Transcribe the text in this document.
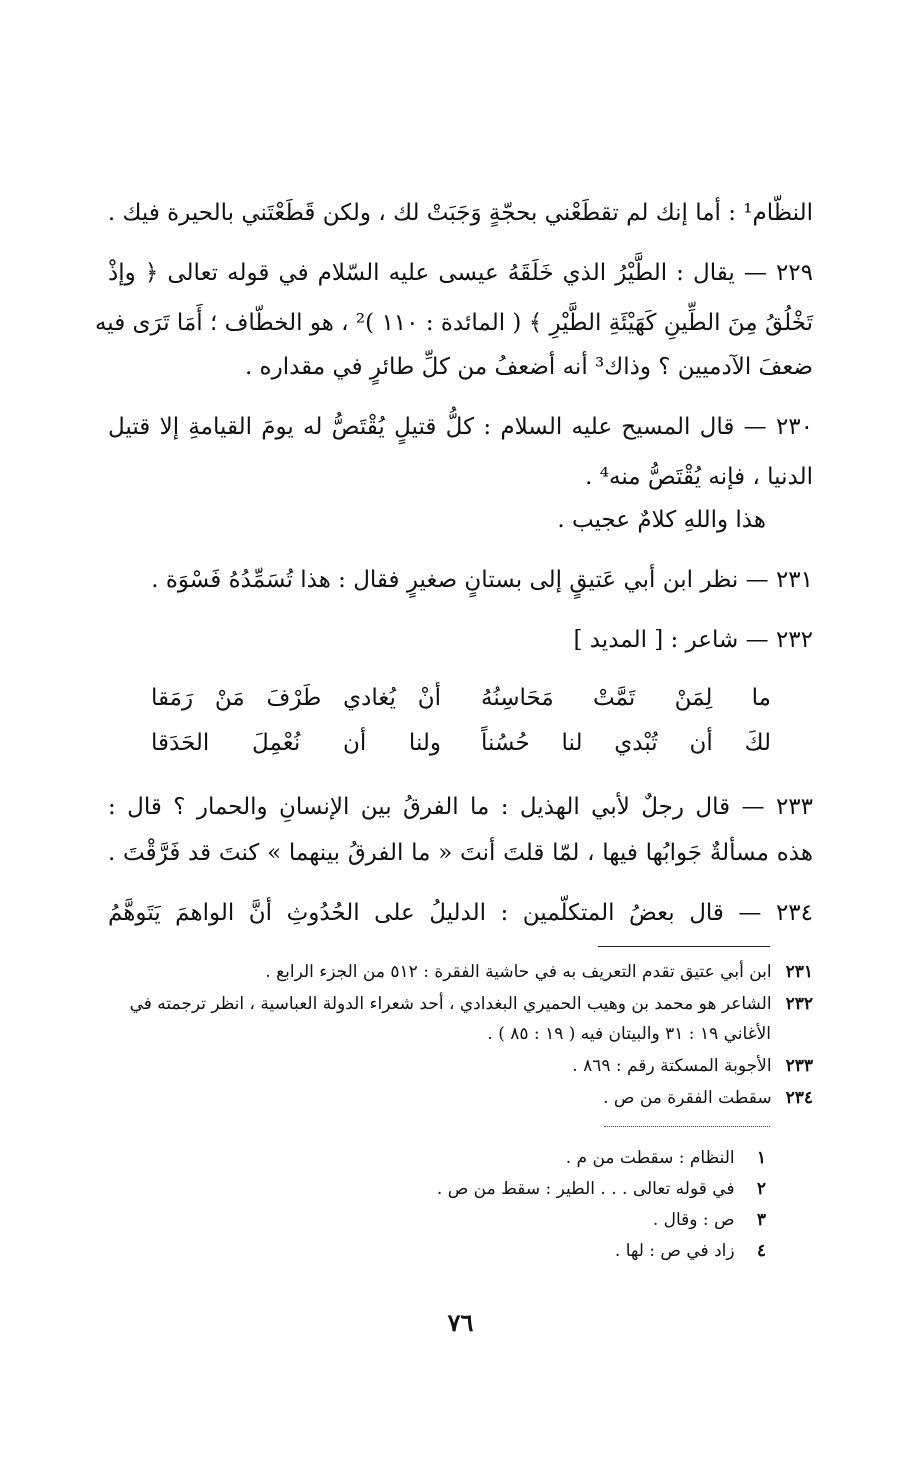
النظّام¹ : أما إنك لم تقطَعْني بحجّةٍ وَجَبَتْ لك ، ولكن قَطَعْتَني بالحيرة فيك .
٢٢٩ — يقال : الطَّيْرُ الذي خَلَقَهُ عيسى عليه السّلام في قوله تعالى ﴿ وإذْ
تَخْلُقُ مِنَ الطِّينِ كَهَيْئَةِ الطَّيْرِ ﴾ ( المائدة : ١١٠ )² ، هو الخطّاف ؛ أَمَا تَرَى فيه
ضعفَ الآدميين ؟ وذاك³ أنه أضعفُ من كلِّ طائرٍ في مقداره .
٢٣٠ — قال المسيح عليه السلام : كلُّ قتيلٍ يُقْتَصُّ له يومَ القيامةِ إلا قتيل
الدنيا ، فإنه يُقْتَصُّ منه⁴ .
هذا واللهِ كلامٌ عجيب .
٢٣١ — نظر ابن أبي عَتيقٍ إلى بستانٍ صغيرٍ فقال : هذا تُسَمِّدُهُ فَسْوَة .
٢٣٢ — شاعر : [ المديد ]
ما لِمَنْ تَمَّتْ مَحَاسِنُهُأنْ يُغادي طَرْفَ مَنْ رَمَقا
لكَ أن تُبْدي لنا حُسُناًولنا أن نُعْمِلَ الحَدَقا
٢٣٣ — قال رجلٌ لأبي الهذيل : ما الفرقُ بين الإنسانِ والحمار ؟ قال :
هذه مسألةٌ جَوابُها فيها ، لمّا قلتَ أنتَ « ما الفرقُ بينهما » كنتَ قد فَرَّقْتَ .
٢٣٤ — قال بعضُ المتكلّمين : الدليلُ على الحُدُوثِ أنَّ الواهمَ يَتَوهَّمُ
٢٣١ ابن أبي عتيق تقدم التعريف به في حاشية الفقرة : ٥١٢ من الجزء الرابع .
٢٣٢ الشاعر هو محمد بن وهيب الحميري البغدادي ، أحد شعراء الدولة العباسية ، انظر ترجمته في
الأغاني ١٩ : ٣١ والبيتان فيه ( ١٩ : ٨٥ ) .
٢٣٣ الأجوبة المسكتة رقم : ٨٦٩ .
٢٣٤ سقطت الفقرة من ص .
١ النظام : سقطت من م .
٢ في قوله تعالى . . . الطير : سقط من ص .
٣ ص : وقال .
٤ زاد في ص : لها .
٧٦
